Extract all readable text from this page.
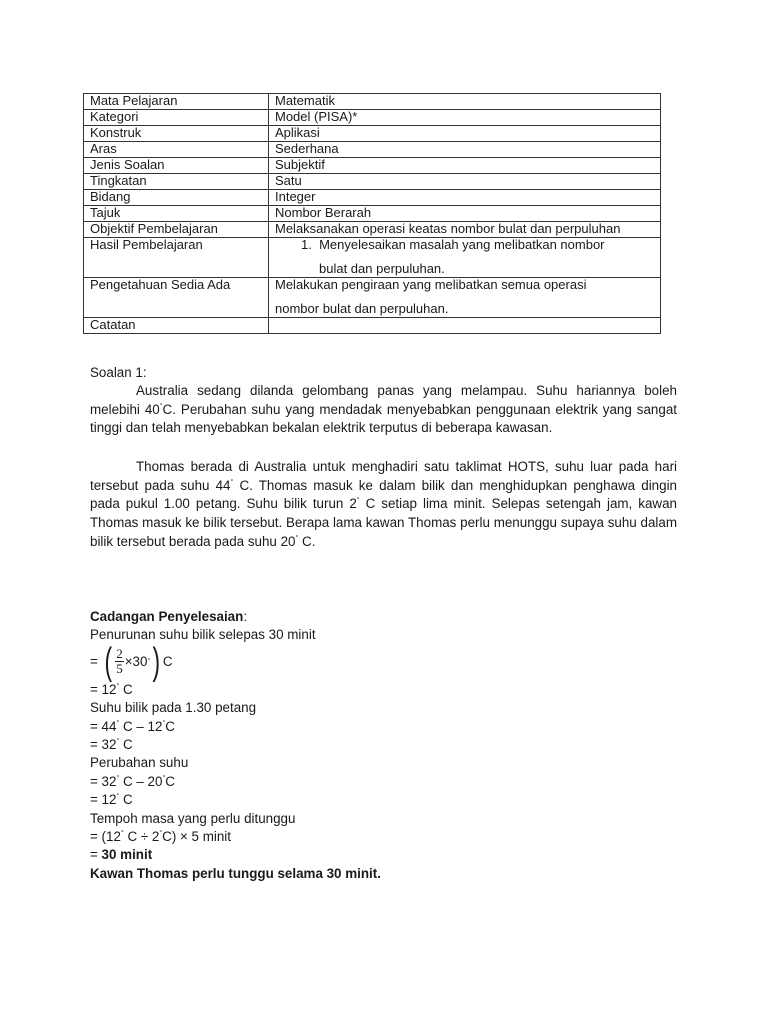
Mata Pelajaran	Matematik
Kategori	Model (PISA)*
Konstruk	Aplikasi
Aras	Sederhana
Jenis Soalan	Subjektif
Tingkatan	Satu
Bidang	Integer
Tajuk	Nombor Berarah
Objektif Pembelajaran	Melaksanakan operasi keatas nombor bulat dan perpuluhan
Hasil Pembelajaran	1. Menyelesaikan masalah yang melibatkan nombor
bulat dan perpuluhan.

Pengetahuan Sedia Ada	Melakukan pengiraan yang melibatkan semua operasi
nombor bulat dan perpuluhan.

Catatan	
Soalan 1:
Australia sedang dilanda gelombang panas yang melampau. Suhu hariannya boleh melebihi 40°C. Perubahan suhu yang mendadak menyebabkan penggunaan elektrik yang sangat tinggi dan telah menyebabkan bekalan elektrik terputus di beberapa kawasan.
Thomas berada di Australia untuk menghadiri satu taklimat HOTS, suhu luar pada hari tersebut pada suhu 44° C. Thomas masuk ke dalam bilik dan menghidupkan penghawa dingin pada pukul 1.00 petang. Suhu bilik turun 2° C setiap lima minit. Selepas setengah jam, kawan Thomas masuk ke bilik tersebut. Berapa lama kawan Thomas perlu menunggu supaya suhu dalam bilik tersebut berada pada suhu 20° C.
Cadangan Penyelesaian:
Penurunan suhu bilik selepas 30 minit
=
( $\frac{2}{5} \times 30$ ° ) C
= 12° C
Suhu bilik pada 1.30 petang
= 44° C – 12°C
= 32° C
Perubahan suhu
= 32° C – 20°C
= 12° C
Tempoh masa yang perlu ditunggu
= (12° C ÷ 2°C) × 5 minit
= 30 minit
Kawan Thomas perlu tunggu selama 30 minit.
